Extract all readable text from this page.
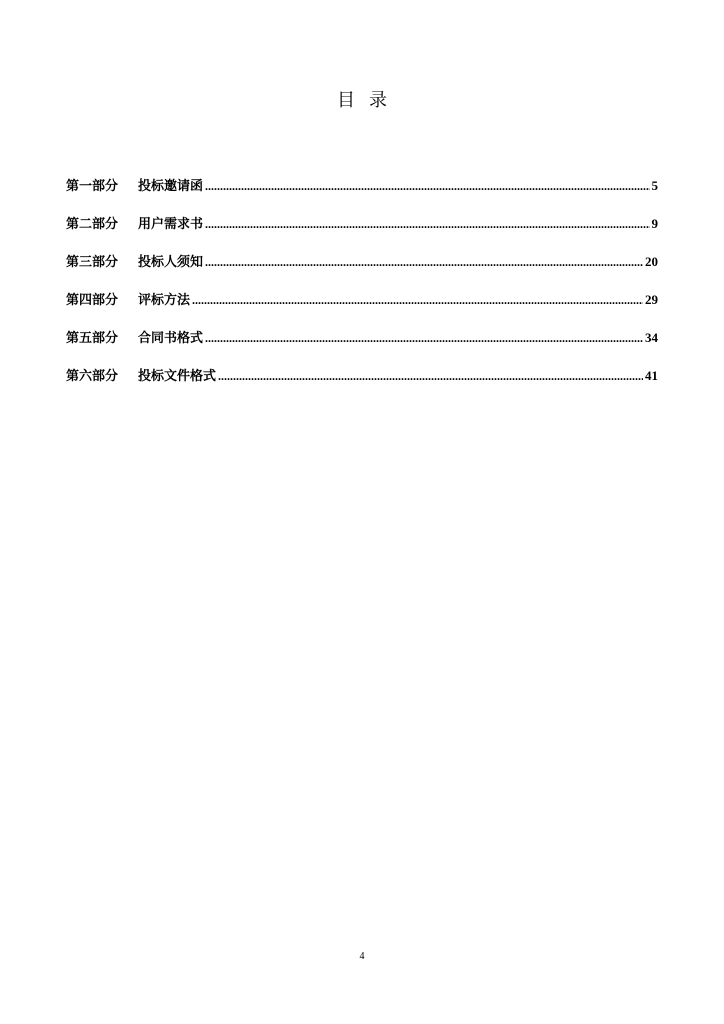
目 录
第一部分	投标邀请函 .....	5
第二部分	用户需求书 .....	9
第三部分	投标人须知 .....	20
第四部分	评标方法 .....	29
第五部分	合同书格式 .....	34
第六部分	投标文件格式 .....	41
4
